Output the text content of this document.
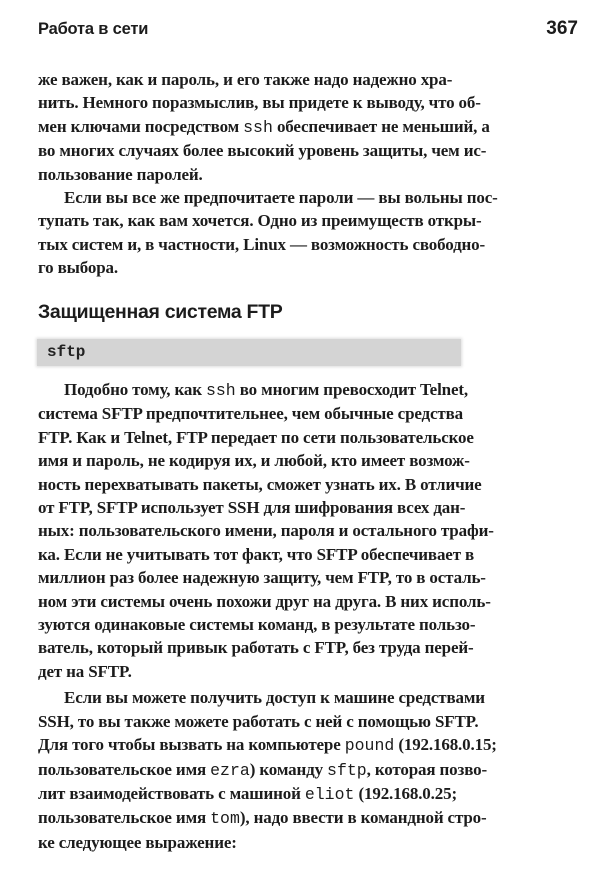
Работа в сети	367
же важен, как и пароль, и его также надо надежно хра-
нить. Немного поразмыслив, вы придете к выводу, что об-
мен ключами посредством ssh обеспечивает не меньший, а
во многих случаях более высокий уровень защиты, чем ис-
пользование паролей.
Если вы все же предпочитаете пароли — вы вольны пос-
тупать так, как вам хочется. Одно из преимуществ откры-
тых систем и, в частности, Linux — возможность свободно-
го выбора.
Защищенная система FTP
sftp
Подобно тому, как ssh во многим превосходит Telnet,
система SFTP предпочтительнее, чем обычные средства
FTP. Как и Telnet, FTP передает по сети пользовательское
имя и пароль, не кодируя их, и любой, кто имеет возмож-
ность перехватывать пакеты, сможет узнать их. В отличие
от FTP, SFTP использует SSH для шифрования всех дан-
ных: пользовательского имени, пароля и остального трафи-
ка. Если не учитывать тот факт, что SFTP обеспечивает в
миллион раз более надежную защиту, чем FTP, то в осталь-
ном эти системы очень похожи друг на друга. В них исполь-
зуются одинаковые системы команд, в результате пользо-
ватель, который привык работать с FTP, без труда перей-
дет на SFTP.
Если вы можете получить доступ к машине средствами
SSH, то вы также можете работать с ней с помощью SFTP.
Для того чтобы вызвать на компьютере pound (192.168.0.15;
пользовательское имя ezra) команду sftp, которая позво-
лит взаимодействовать с машиной eliot (192.168.0.25;
пользовательское имя tom), надо ввести в командной стро-
ке следующее выражение:
